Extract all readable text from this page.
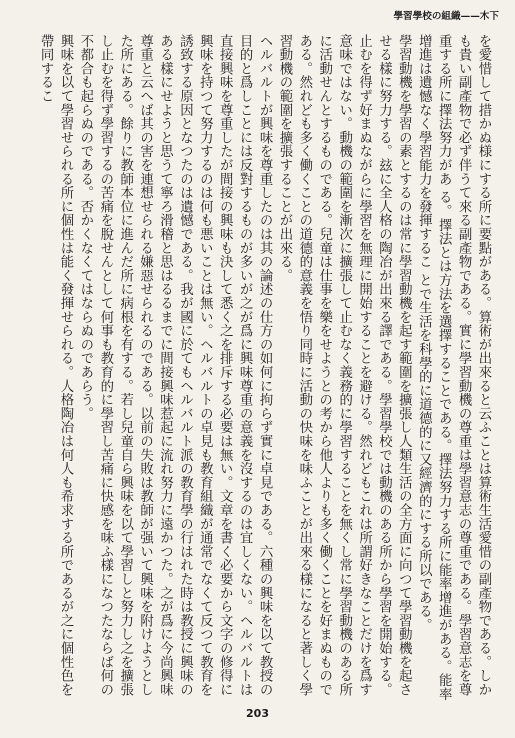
學習學校の組織——木下

を愛惜して措かぬ様にする所に要點がある。算術が出來ると云ふことは算術生活愛惜の副產物である。しかも貴い副產物で必ず伴うて來る副產物である。實に學習動機の尊重は學習意志の尊重である。學習意志を尊重する所に擇法努力があ る。擇法とは方法を選擇することである。擇法努力する所に能率增進がある。能率增進は遺憾なく學習能力を發揮するこ とで生活を科學的に道德的に又經濟的にする所以である。

學習動機を學習の素とするのは常に學習動機を起す範圍を擴張し人類生活の全方面に向つて學習動機を起させる樣に努力する。玆に全人格の陶冶が出來る譯である。學習學校では動機のある所から學習を開始する。止むを得ず好まぬながらに學習を無理に開始することを避ける。然れどもこれは所謂好きなことだけを爲す意味ではない。動機の範圍を漸次に擴張して止むなく義務的に學習することを無くし常に學習動機のある所に活動せんとするものである。兒童は仕事を樂をせようとの考から他人よりも多く働くことを好まぬものである。然れども多く働くことの道德的意義を悟り同時に活動の快味を味ふことが出來る樣になると著しく學習動機の範圍を擴張することが出來る。

ヘルバルトが興味を尊重したのは其の論述の仕方の如何に拘らず實に卓見である。六種の興味を以て教授の目的と爲しことには反對するものが多いが之が爲に興味尊重の意義を沒するのは宜しくない。ヘルバルトは直接興味を尊重したが間接の興味も決して悉く之を排斥する必要は無い。文章を書く必要から文字の修得に興味を持つて努力するのは何も悪いことは無い。ヘルバルトの卓見も教育組織が通常でなくて反つて教育を誘致する原因となつたのは遺憾である。我が國に於てもヘルバルト派の教育學の行はれた時は教授に興味のある樣にせようと思うて寧ろ滑稽と思はるるまでに間接興味惹起に流れ努力に遠かつた。之が爲に今尚興味尊重と云へば其の害を連想せられる嫌惡せられるのである。以前の失敗は教師が强いて興味を附けようとした所にある。餘りに教師本位に進んだ所に病根を有する。若し兒童自ら興味を以て學習しと努力し之を擴張し止むを得ず學習するの苦痛を脫せんとして何事も教育的に學習し苦痛に快感を味ふ樣になつたならば何の不都合も起らぬのである。否かくなくてはならぬのであらう。

興味を以て學習せられる所に個性は能く發揮せられる。人格陶冶は何人も希求する所であるが之に個性色を帶同するこ

203
